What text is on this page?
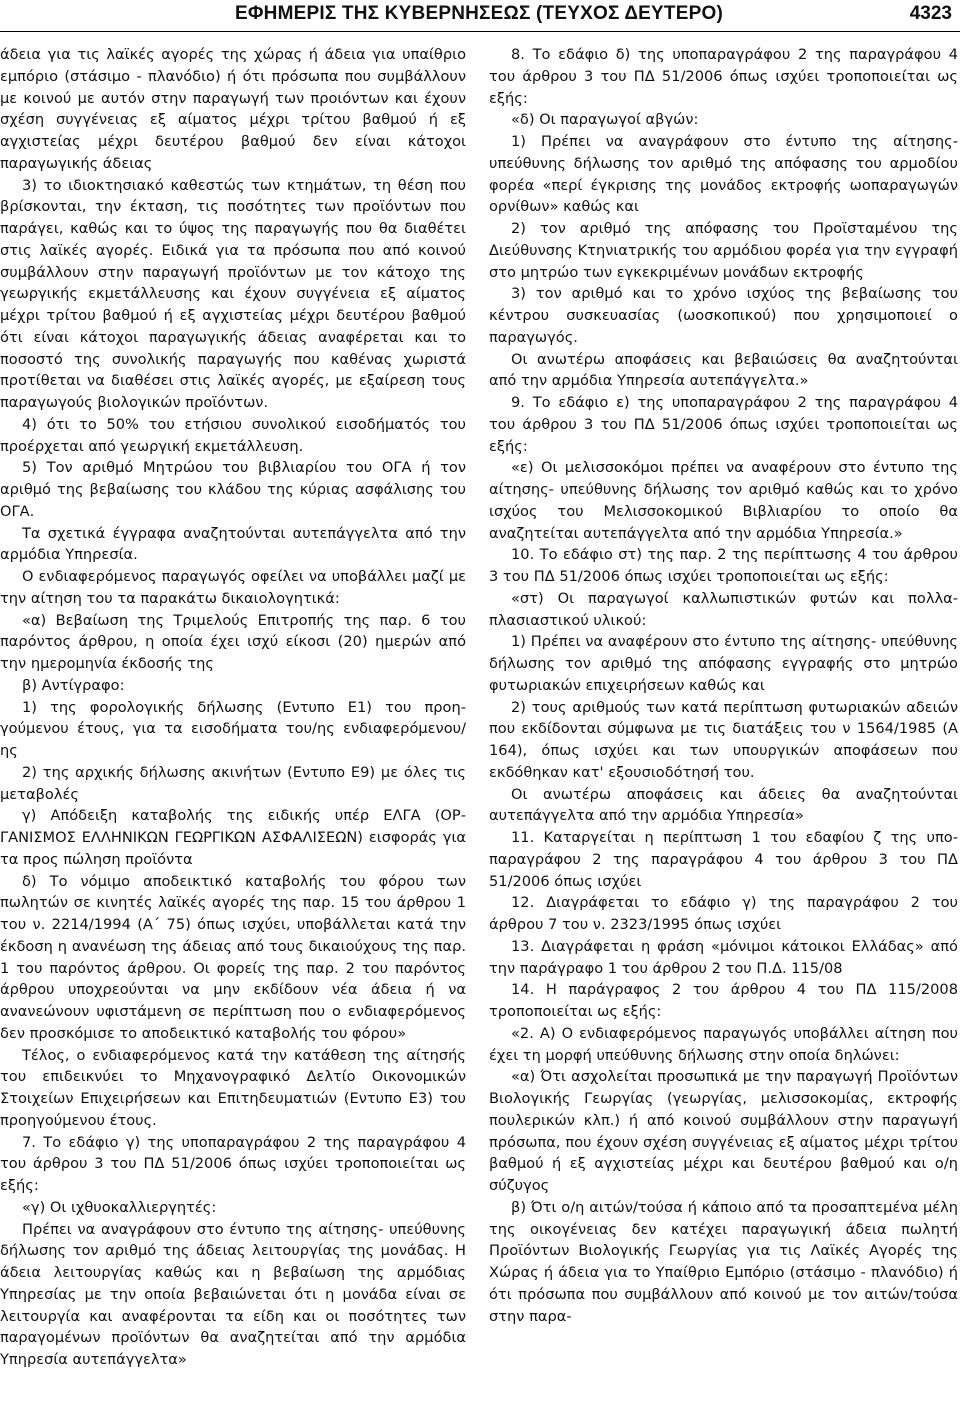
ΕΦΗΜΕΡΙΣ ΤΗΣ ΚΥΒΕΡΝΗΣΕΩΣ (ΤΕΥΧΟΣ ΔΕΥΤΕΡΟ)	4323

άδεια για τις λαϊκές αγορές της χώρας ή άδεια για υπαίθριο εμπόριο (στάσιμο - πλανόδιο) ή ότι πρόσωπα που συμβάλλουν με κοινού με αυτόν στην παραγωγή των προιόντων και έχουν σχέση συγγένειας εξ αίματος μέχρι τρίτου βαθμού ή εξ αγχιστείας μέχρι δευτέρου βαθμού δεν είναι κάτοχοι παραγωγικής άδειας

3) το ιδιοκτησιακό καθεστώς των κτημάτων, τη θέση που βρίσκονται, την έκταση, τις ποσότητες των προϊόντων που παράγει, καθώς και το ύψος της παραγωγής που θα διαθέτει στις λαϊκές αγορές. Ειδικά για τα πρόσωπα που από κοινού συμβάλλουν στην παραγωγή προϊόντων με τον κάτοχο της γεωργικής εκμετάλλευσης και έχουν συγγένεια εξ αίματος μέχρι τρίτου βαθμού ή εξ αγχιστείας μέχρι δευτέρου βαθμού ότι είναι κάτοχοι παραγωγικής άδειας αναφέρεται και το ποσοστό της συνολικής παραγωγής που καθένας χωριστά προτίθεται να διαθέσει στις λαϊκές αγορές, με εξαίρεση τους παραγωγούς βιολογικών προϊόντων.

4) ότι το 50% του ετήσιου συνολικού εισοδήματός του προέρχεται από γεωργική εκμετάλλευση.

5) Τον αριθμό Μητρώου του βιβλιαρίου του ΟΓΑ ή τον αριθμό της βεβαίωσης του κλάδου της κύριας ασφάλισης του ΟΓΑ.

Τα σχετικά έγγραφα αναζητούνται αυτεπάγγελτα από την αρμόδια Υπηρεσία.

Ο ενδιαφερόμενος παραγωγός οφείλει να υποβάλλει μαζί με την αίτηση του τα παρακάτω δικαιολογητικά:

«α) Βεβαίωση της Τριμελούς Επιτροπής της παρ. 6 του παρόντος άρθρου, η οποία έχει ισχύ είκοσι (20) ημερών από την ημερομηνία έκδοσής της

β) Αντίγραφο:

1) της φορολογικής δήλωσης (Εντυπο Ε1) του προηγούμενου έτους, για τα εισοδήματα του/ης ενδιαφερόμενου/ ης

2) της αρχικής δήλωσης ακινήτων (Εντυπο Ε9) με όλες τις μεταβολές

γ) Απόδειξη καταβολής της ειδικής υπέρ ΕΛΓΑ (ΟΡΓΑΝΙΣΜΟΣ ΕΛΛΗΝΙΚΩΝ ΓΕΩΡΓΙΚΩΝ ΑΣΦΑΛΙΣΕΩΝ) εισφοράς για τα προς πώληση προϊόντα

δ) Το νόμιμο αποδεικτικό καταβολής του φόρου των πωλητών σε κινητές λαϊκές αγορές της παρ. 15 του άρθρου 1 του ν. 2214/1994 (Α΄ 75) όπως ισχύει, υποβάλλεται κατά την έκδοση η ανανέωση της άδειας από τους δικαιούχους της παρ. 1 του παρόντος άρθρου. Οι φορείς της παρ. 2 του παρόντος άρθρου υποχρεούνται να μην εκδίδουν νέα άδεια ή να ανανεώνουν υφιστάμενη σε περίπτωση που ο ενδιαφερόμενος δεν προσκόμισε το αποδεικτικό καταβολής του φόρου»

Τέλος, ο ενδιαφερόμενος κατά την κατάθεση της αίτησής του επιδεικνύει το Μηχανογραφικό Δελτίο Οικονομικών Στοιχείων Επιχειρήσεων και Επιτηδευματιών (Εντυπο Ε3) του προηγούμενου έτους.

7. Το εδάφιο γ) της υποπαραγράφου 2 της παραγράφου 4 του άρθρου 3 του ΠΔ 51/2006 όπως ισχύει τροποποιείται ως εξής:

«γ) Οι ιχθυοκαλλιεργητές:

Πρέπει να αναγράφουν στο έντυπο της αίτησης- υπεύθυνης δήλωσης τον αριθμό της άδειας λειτουργίας της μονάδας. Η άδεια λειτουργίας καθώς και η βεβαίωση της αρμόδιας Υπηρεσίας με την οποία βεβαιώνεται ότι η μονάδα είναι σε λειτουργία και αναφέρονται τα είδη και οι ποσότητες των παραγομένων προϊόντων θα αναζητείται από την αρμόδια Υπηρεσία αυτεπάγγελτα»

8. Το εδάφιο δ) της υποπαραγράφου 2 της παραγράφου 4 του άρθρου 3 του ΠΔ 51/2006 όπως ισχύει τροποποιείται ως εξής:

«δ) Οι παραγωγοί αβγών:

1) Πρέπει να αναγράφουν στο έντυπο της αίτησης-υπεύθυνης δήλωσης τον αριθμό της απόφασης του αρμοδίου φορέα «περί έγκρισης της μονάδος εκτροφής ωοπαραγωγών ορνίθων» καθώς και

2) τον αριθμό της απόφασης του Προϊσταμένου της Διεύθυνσης Κτηνιατρικής του αρμόδιου φορέα για την εγγραφή στο μητρώο των εγκεκριμένων μονάδων εκτροφής

3) τον αριθμό και το χρόνο ισχύος της βεβαίωσης του κέντρου συσκευασίας (ωοσκοπικού) που χρησιμοποιεί ο παραγωγός.

Οι ανωτέρω αποφάσεις και βεβαιώσεις θα αναζητούνται από την αρμόδια Υπηρεσία αυτεπάγγελτα.»

9. Το εδάφιο ε) της υποπαραγράφου 2 της παραγράφου 4 του άρθρου 3 του ΠΔ 51/2006 όπως ισχύει τροποποιείται ως εξής:

«ε) Οι μελισσοκόμοι πρέπει να αναφέρουν στο έντυπο της αίτησης- υπεύθυνης δήλωσης τον αριθμό καθώς και το χρόνο ισχύος του Μελισσοκομικού Βιβλιαρίου το οποίο θα αναζητείται αυτεπάγγελτα από την αρμόδια Υπηρεσία.»

10. Το εδάφιο στ) της παρ. 2 της περίπτωσης 4 του άρθρου 3 του ΠΔ 51/2006 όπως ισχύει τροποποιείται ως εξής:

«στ) Οι παραγωγοί καλλωπιστικών φυτών και πολλαπλασιαστικού υλικού:

1) Πρέπει να αναφέρουν στο έντυπο της αίτησης- υπεύθυνης δήλωσης τον αριθμό της απόφασης εγγραφής στο μητρώο φυτωριακών επιχειρήσεων καθώς και

2) τους αριθμούς των κατά περίπτωση φυτωριακών αδειών που εκδίδονται σύμφωνα με τις διατάξεις του ν 1564/1985 (Α 164), όπως ισχύει και των υπουργικών αποφάσεων που εκδόθηκαν κατ' εξουσιοδότησή του.

Οι ανωτέρω αποφάσεις και άδειες θα αναζητούνται αυτεπάγγελτα από την αρμόδια Υπηρεσία»

11. Καταργείται η περίπτωση 1 του εδαφίου ζ της υποπαραγράφου 2 της παραγράφου 4 του άρθρου 3 του ΠΔ 51/2006 όπως ισχύει

12. Διαγράφεται το εδάφιο γ) της παραγράφου 2 του άρθρου 7 του ν. 2323/1995 όπως ισχύει

13. Διαγράφεται η φράση «μόνιμοι κάτοικοι Ελλάδας» από την παράγραφο 1 του άρθρου 2 του Π.Δ. 115/08

14. Η παράγραφος 2 του άρθρου 4 του ΠΔ 115/2008 τροποποιείται ως εξής:

«2. Α) Ο ενδιαφερόμενος παραγωγός υποβάλλει αίτηση που έχει τη μορφή υπεύθυνης δήλωσης στην οποία δηλώνει:

«α) Ότι ασχολείται προσωπικά με την παραγωγή Προϊόντων Βιολογικής Γεωργίας (γεωργίας, μελισσοκομίας, εκτροφής πουλερικών κλπ.) ή από κοινού συμβάλλουν στην παραγωγή πρόσωπα, που έχουν σχέση συγγένειας εξ αίματος μέχρι τρίτου βαθμού ή εξ αγχιστείας μέχρι και δευτέρου βαθμού και ο/η σύζυγος

β) Ότι ο/η αιτών/τούσα ή κάποιο από τα προσαπτεμένα μέλη της οικογένειας δεν κατέχει παραγωγική άδεια πωλητή Προϊόντων Βιολογικής Γεωργίας για τις Λαϊκές Αγορές της Χώρας ή άδεια για το Υπαίθριο Εμπόριο (στάσιμο - πλανόδιο) ή ότι πρόσωπα που συμβάλλουν από κοινού με τον αιτών/τούσα στην παρα-
